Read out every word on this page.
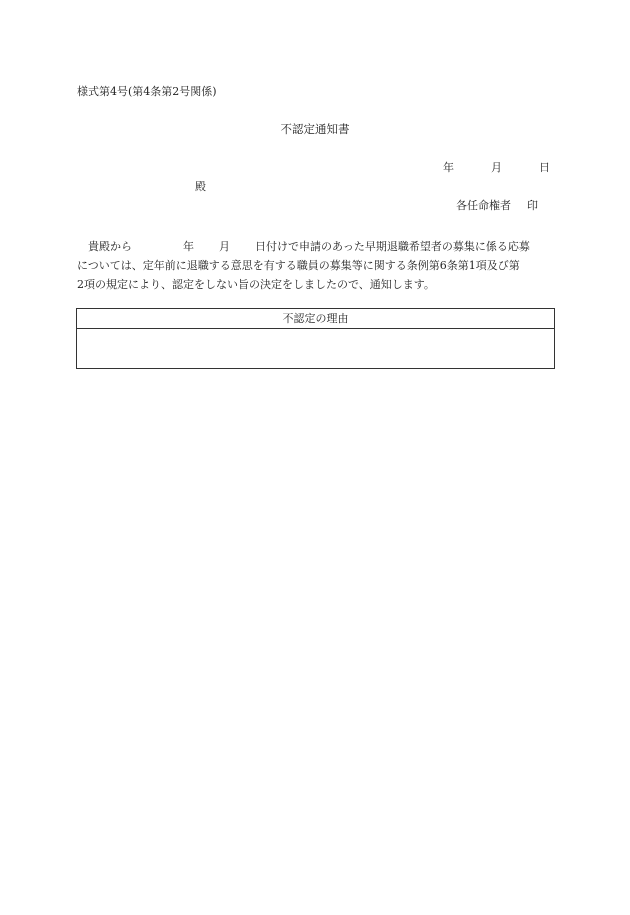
様式第4号(第4条第2号関係)
不認定通知書
年	月	日
殿
各任命権者 印
貴殿から	年 月 日付けで申請のあった早期退職希望者の募集に係る応募
については、定年前に退職する意思を有する職員の募集等に関する条例第6条第1項及び第
2項の規定により、認定をしない旨の決定をしましたので、通知します。
不認定の理由
